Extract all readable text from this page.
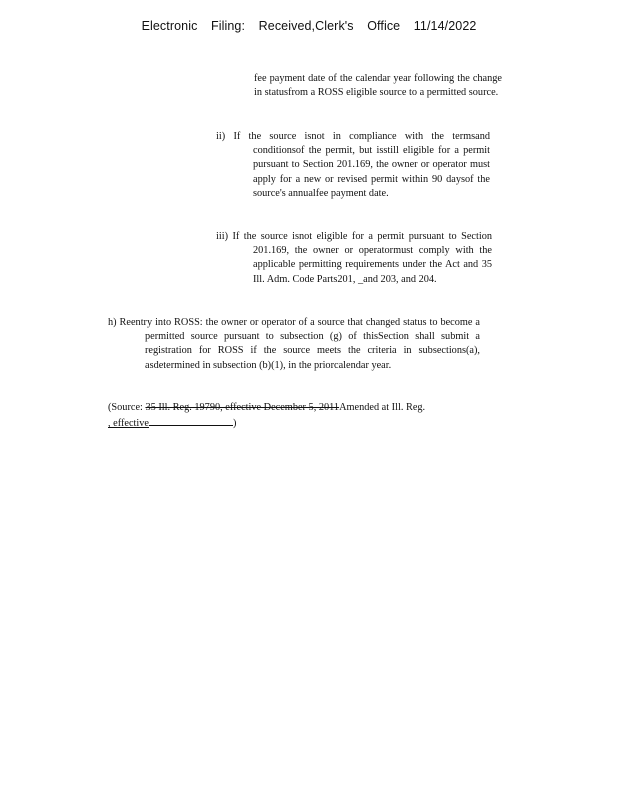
Electronic Filing: Received,Clerk's Office 11/14/2022

fee payment date of the calendar year following the change in statusfrom a ROSS eligible source to a permitted source.

ii) If the source isnot in compliance with the termsand conditionsof the permit, but isstill eligible for a permit pursuant to Section 201.169, the owner or operator must apply for a new or revised permit within 90 daysof the source's annualfee payment date.

iii) If the source isnot eligible for a permit pursuant to Section 201.169, the owner or operatormust comply with the applicable permitting requirements under the Act and 35 Ill. Adm. Code Parts201, _and 203, and 204.

h) Reentry into ROSS: the owner or operator of a source that changed status to become a permitted source pursuant to subsection (g) of thisSection shall submit a registration for ROSS if the source meets the criteria in subsections(a), asdetermined in subsection (b)(1), in the priorcalendar year.

(Source: 35 Ill. Reg. 19790, effective December 5, 2011Amended at Ill. Reg.
, effective	)
